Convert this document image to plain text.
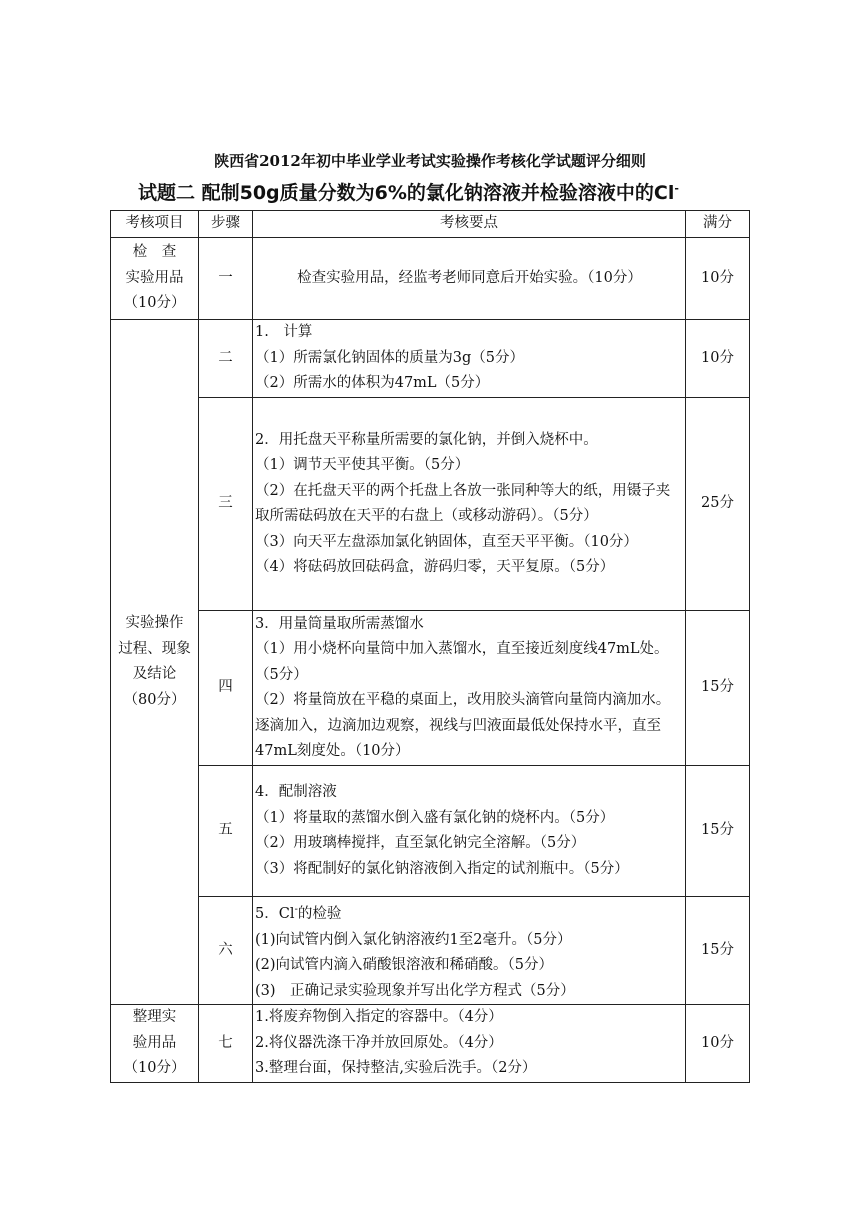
陕西省2012年初中毕业学业考试实验操作考核化学试题评分细则
试题二 配制50g质量分数为6%的氯化钠溶液并检验溶液中的Cl-
考核项目	步骤	考核要点	满分

检　查
实验用品
（10分）	一	检查实验用品，经监考老师同意后开始实验。（10分）	10分

实验操作
过程、现象
及结论
（80分）	二	1.　计算
（1）所需氯化钠固体的质量为3g（5分）
（2）所需水的体积为47mL（5分）	10分
	三	2．用托盘天平称量所需要的氯化钠，并倒入烧杯中。
（1）调节天平使其平衡。（5分）
（2）在托盘天平的两个托盘上各放一张同种等大的纸，用镊子夹取所需砝码放在天平的右盘上（或移动游码）。（5分）
（3）向天平左盘添加氯化钠固体，直至天平平衡。（10分）
（4）将砝码放回砝码盒，游码归零，天平复原。（5分）	25分
	四	3．用量筒量取所需蒸馏水
（1）用小烧杯向量筒中加入蒸馏水，直至接近刻度线47mL处。（5分）
（2）将量筒放在平稳的桌面上，改用胶头滴管向量筒内滴加水。逐滴加入，边滴加边观察，视线与凹液面最低处保持水平，直至47mL刻度处。（10分）	15分
	五	4．配制溶液
（1）将量取的蒸馏水倒入盛有氯化钠的烧杯内。（5分）
（2）用玻璃棒搅拌，直至氯化钠完全溶解。（5分）
（3）将配制好的氯化钠溶液倒入指定的试剂瓶中。（5分）	15分
	六	5．Cl-的检验
(1)向试管内倒入氯化钠溶液约1至2毫升。（5分）
(2)向试管内滴入硝酸银溶液和稀硝酸。（5分）
(3)　正确记录实验现象并写出化学方程式（5分）	15分

整理实
验用品
（10分）	七	1.将废弃物倒入指定的容器中。（4分）
2.将仪器洗涤干净并放回原处。（4分）
3.整理台面，保持整洁,实验后洗手。（2分）	10分
